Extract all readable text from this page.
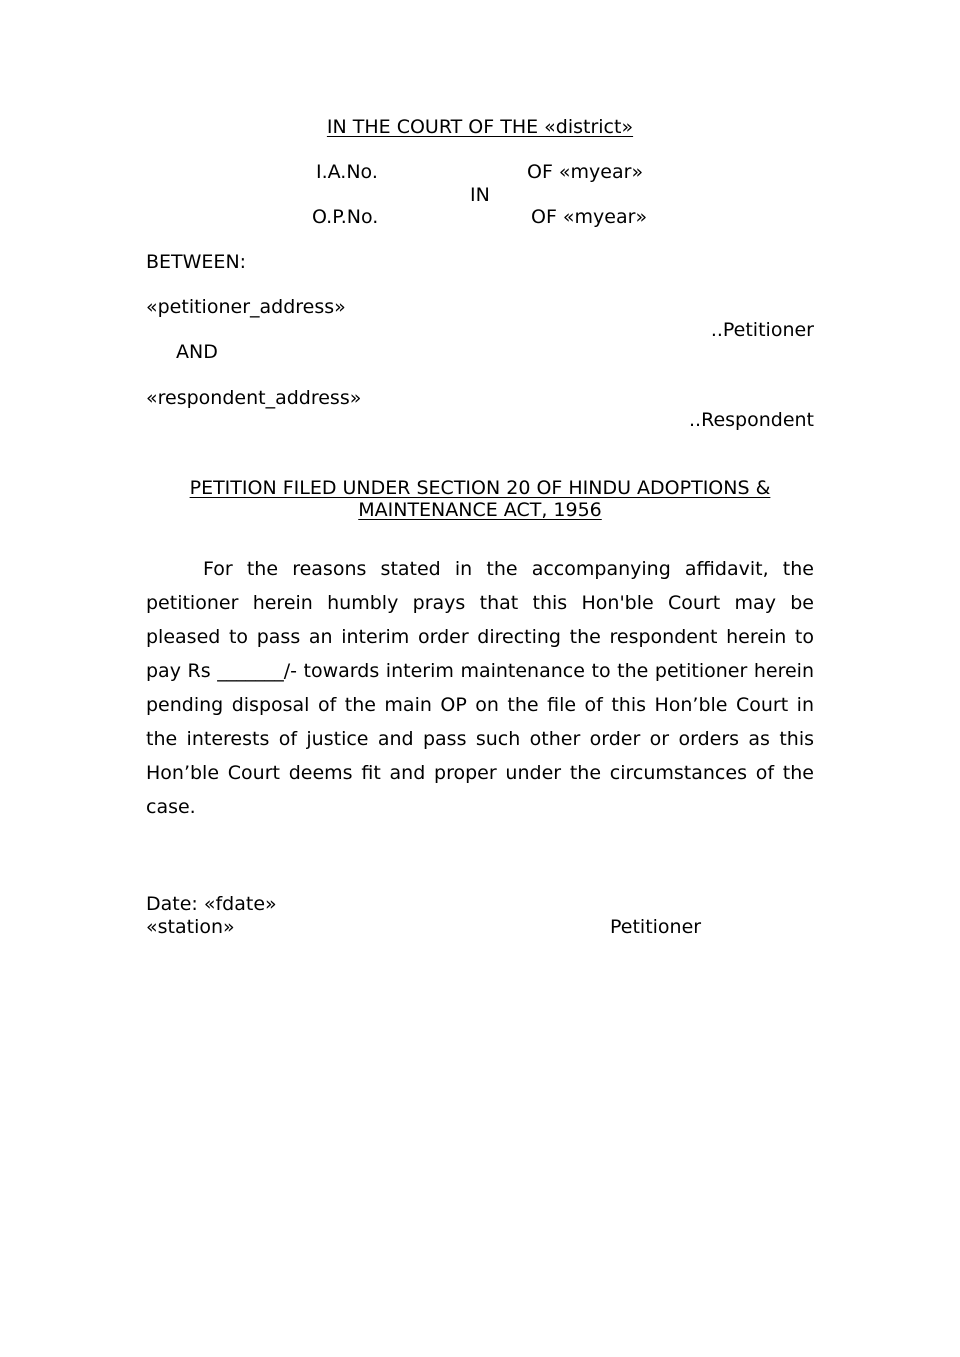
IN THE COURT OF THE «district»
I.A.No.	OF «myear»
IN
O.P.No.	OF «myear»
BETWEEN:
«petitioner_address»
..Petitioner
AND
«respondent_address»
..Respondent
PETITION FILED UNDER SECTION 20 OF HINDU ADOPTIONS &
MAINTENANCE ACT, 1956

For the reasons stated in the accompanying affidavit, the petitioner herein humbly prays that this Hon'ble Court may be pleased to pass an interim order directing the respondent herein to pay Rs _______/- towards interim maintenance to the petitioner herein pending disposal of the main OP on the file of this Hon’ble Court in the interests of justice and pass such other order or orders as this Hon’ble Court deems fit and proper under the circumstances of the case.

Date: «fdate»
«station»	Petitioner
